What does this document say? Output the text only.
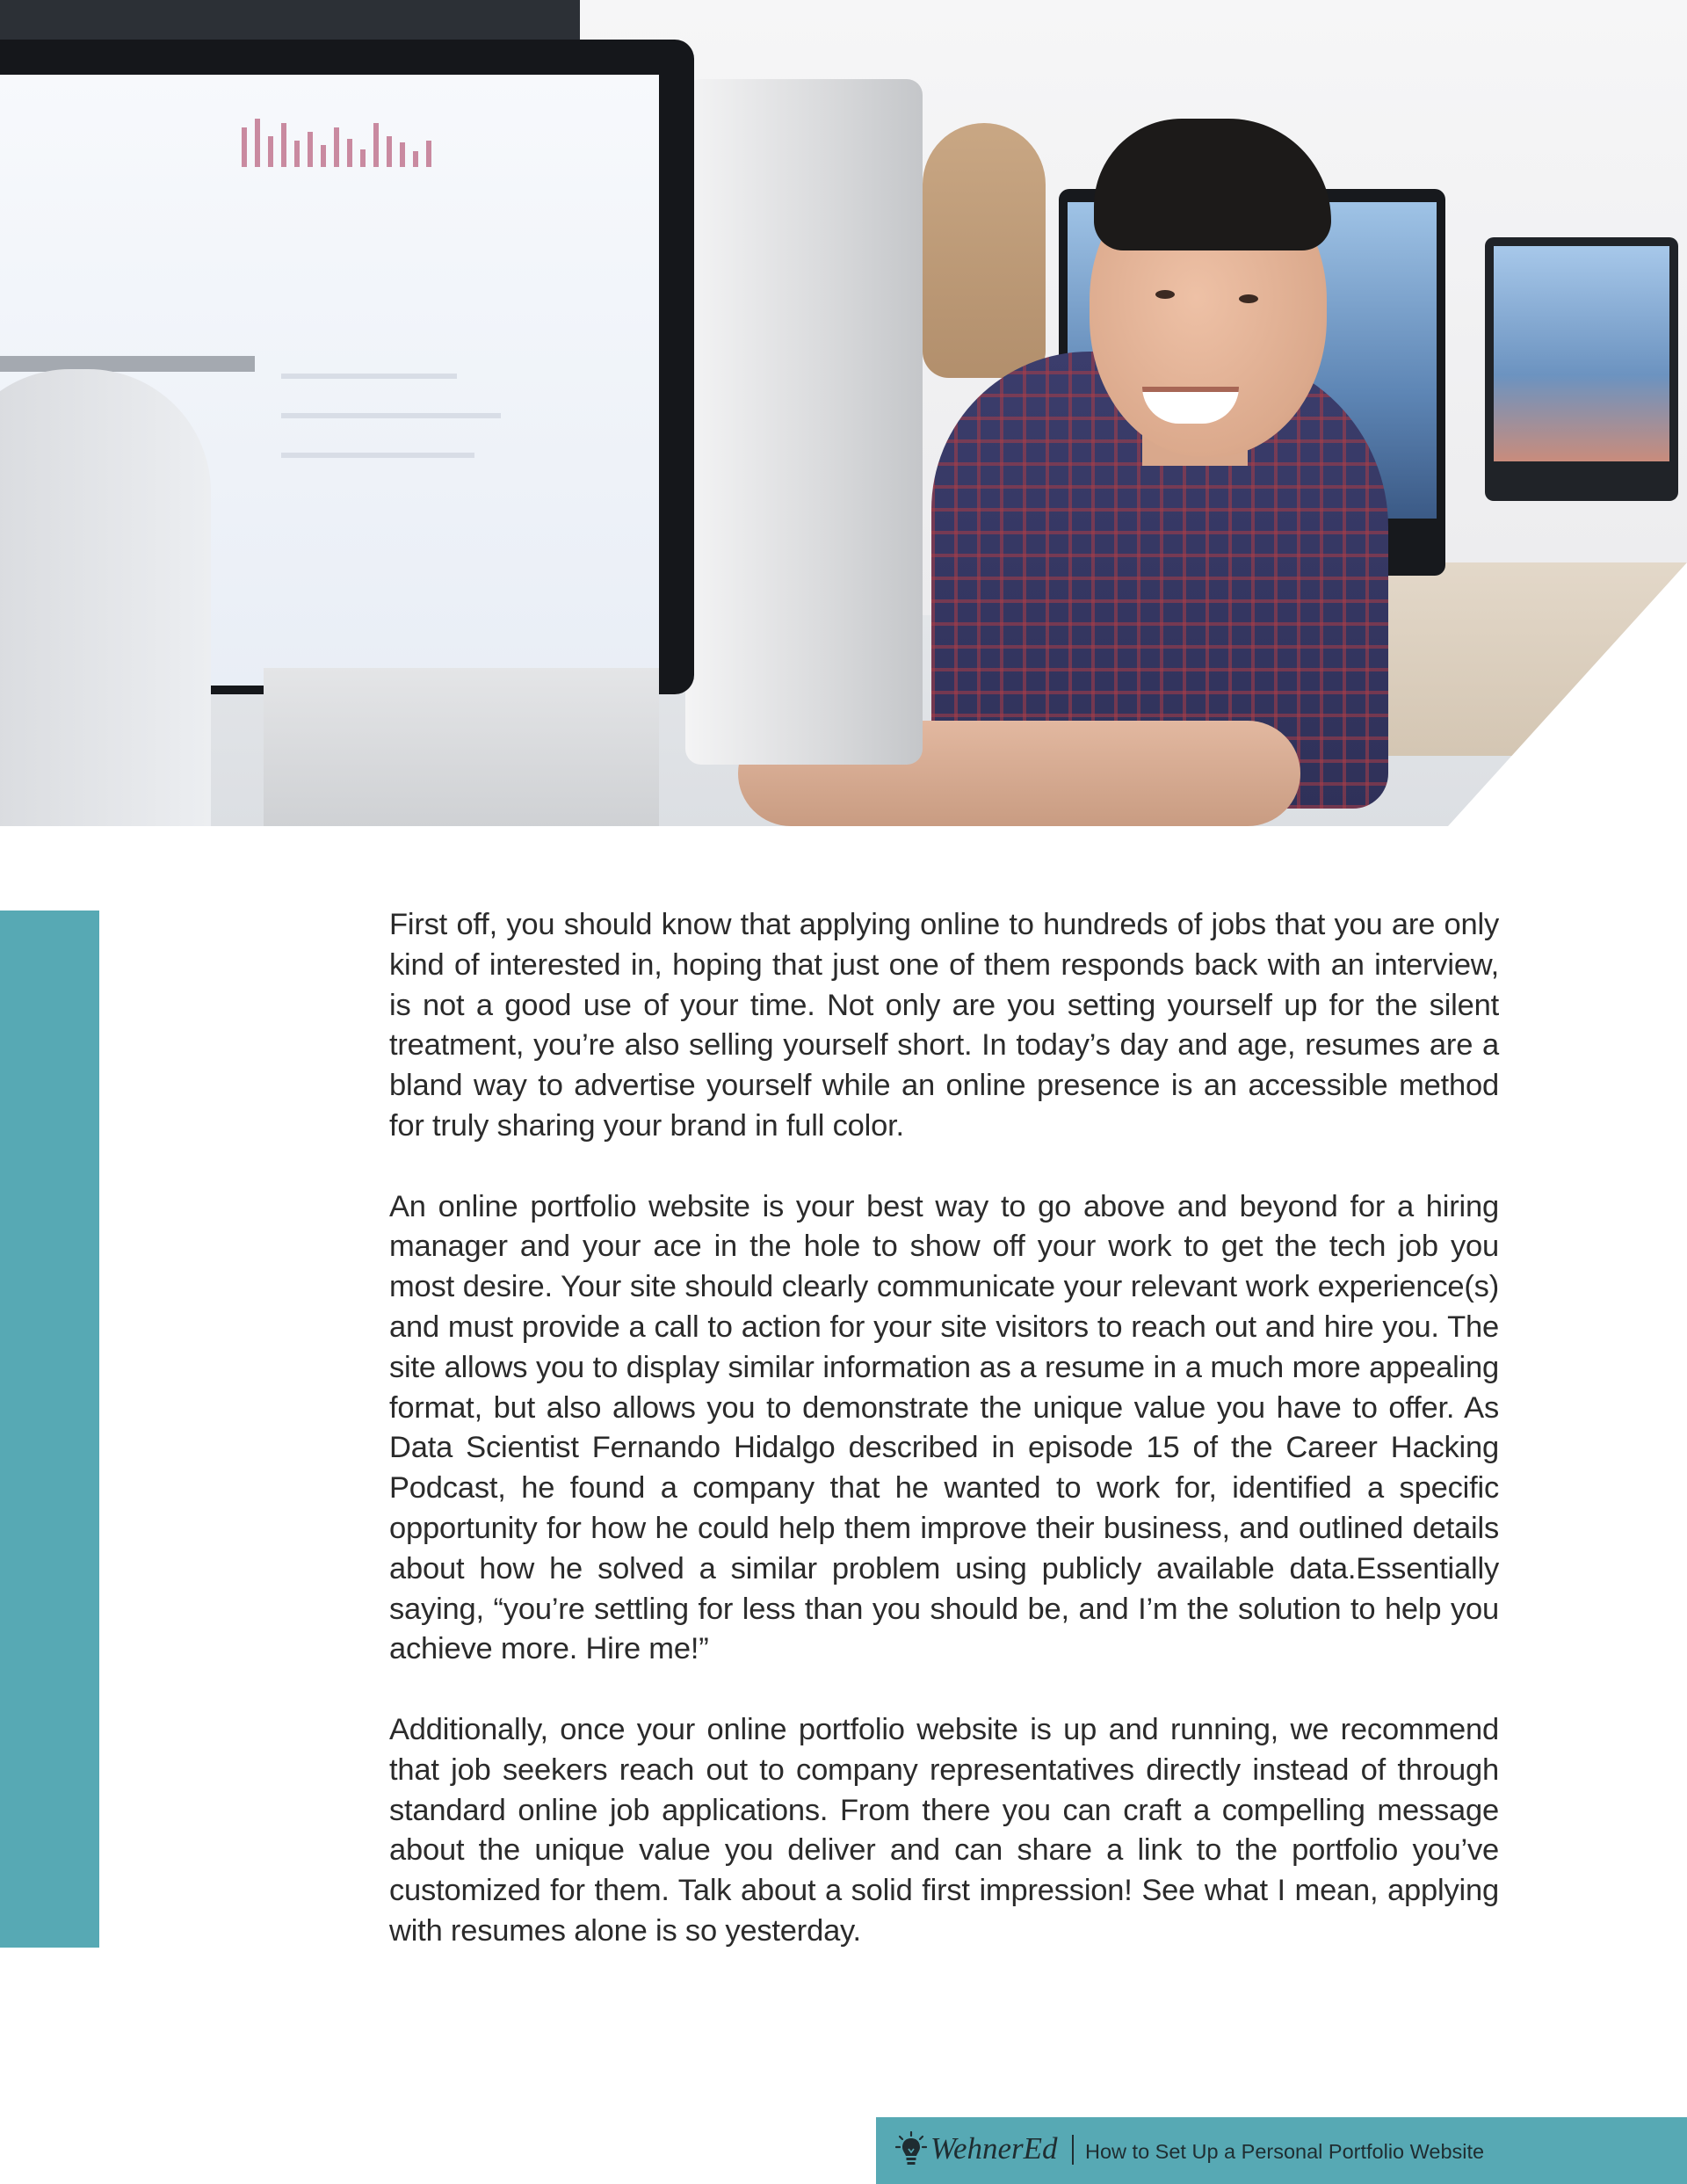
First off, you should know that applying online to hundreds of jobs that you are only kind of interested in, hoping that just one of them responds back with an interview, is not a good use of your time. Not only are you setting yourself up for the silent treatment, you’re also selling yourself short. In today’s day and age, resumes are a bland way to advertise yourself while an online presence is an accessible method for truly sharing your brand in full color.

An online portfolio website is your best way to go above and beyond for a hiring manager and your ace in the hole to show off your work to get the tech job you most desire. Your site should clearly communicate your relevant work experience(s) and must provide a call to action for your site visitors to reach out and hire you. The site allows you to display similar information as a resume in a much more appealing format, but also allows you to demonstrate the unique value you have to offer. As Data Scientist Fernando Hidalgo described in episode 15 of the Career Hacking Podcast, he found a company that he wanted to work for, identified a specific opportunity for how he could help them improve their business, and outlined details about how he solved a similar problem using publicly available data.Essentially saying, “you’re settling for less than you should be, and I’m the solution to help you achieve more. Hire me!”

Additionally, once your online portfolio website is up and running, we recommend that job seekers reach out to company representatives directly instead of through standard online job applications. From there you can craft a compelling message about the unique value you deliver and can share a link to the portfolio you’ve customized for them. Talk about a solid first impression! See what I mean, applying with resumes alone is so yesterday.

WehnerEd How to Set Up a Personal Portfolio Website
